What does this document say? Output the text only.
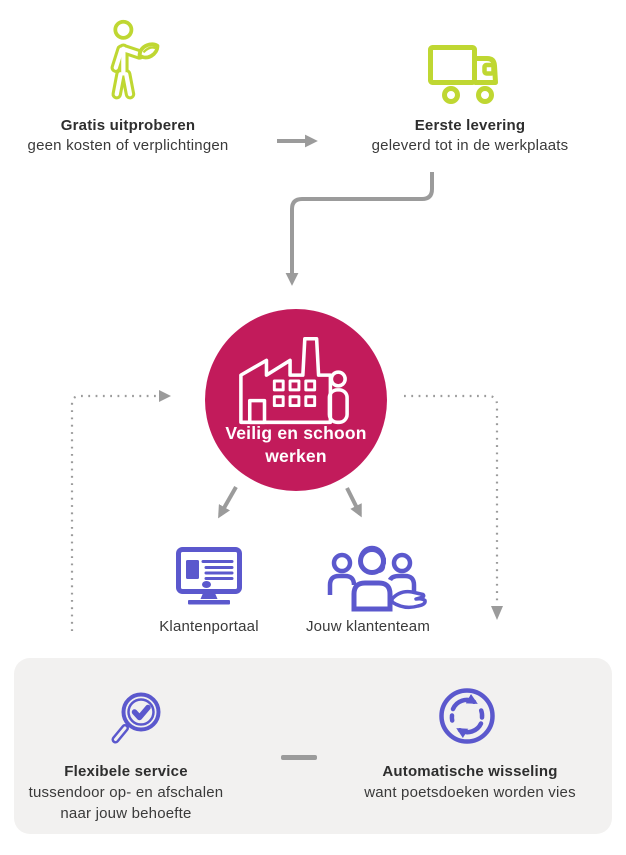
Gratis uitproberen
geen kosten of verplichtingen
Eerste levering
geleverd tot in de werkplaats
Veilig en schoon
werken
Klantenportaal	Jouw klantenteam
Flexibele service
tussendoor op- en afschalen
naar jouw behoefte
Automatische wisseling
want poetsdoeken worden vies
